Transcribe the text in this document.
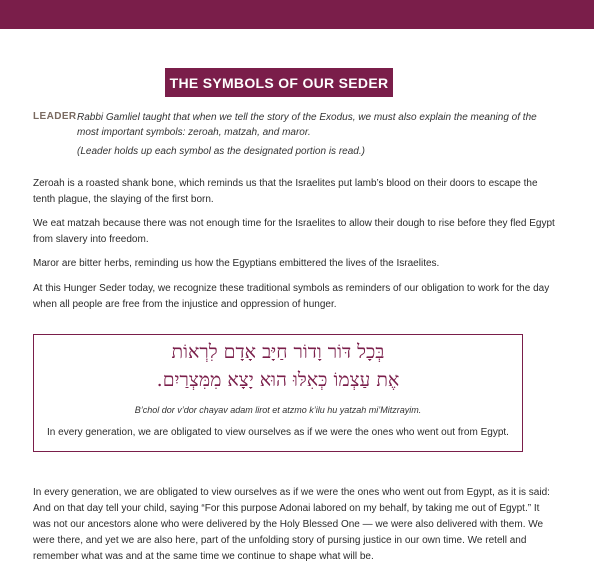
THE SYMBOLS OF OUR SEDER
LEADER Rabbi Gamliel taught that when we tell the story of the Exodus, we must also explain the meaning of the most important symbols: zeroah, matzah, and maror.
(Leader holds up each symbol as the designated portion is read.)
Zeroah is a roasted shank bone, which reminds us that the Israelites put lamb’s blood on their doors to escape the tenth plague, the slaying of the first born.
We eat matzah because there was not enough time for the Israelites to allow their dough to rise before they fled Egypt from slavery into freedom.
Maror are bitter herbs, reminding us how the Egyptians embittered the lives of the Israelites.
At this Hunger Seder today, we recognize these traditional symbols as reminders of our obligation to work for the day when all people are free from the injustice and oppression of hunger.
בְּכָל דּוֹר וָדוֹר חַיָּב אָדָם לִרְאוֹת
אֶת עַצְמוֹ כְּאִלּוּ הוּא יָצָא מִמִּצְרַיִם.
B’chol dor v’dor chayav adam lirot et atzmo k’ilu hu yatzah mi’Mitzrayim.
In every generation, we are obligated to view ourselves as if we were the ones who went out from Egypt.
In every generation, we are obligated to view ourselves as if we were the ones who went out from Egypt, as it is said: And on that day tell your child, saying “For this purpose Adonai labored on my behalf, by taking me out of Egypt.” It was not our ancestors alone who were delivered by the Holy Blessed One — we were also delivered with them. We were there, and yet we are also here, part of the unfolding story of pursing justice in our own time. We retell and remember what was and at the same time we continue to shape what will be.
